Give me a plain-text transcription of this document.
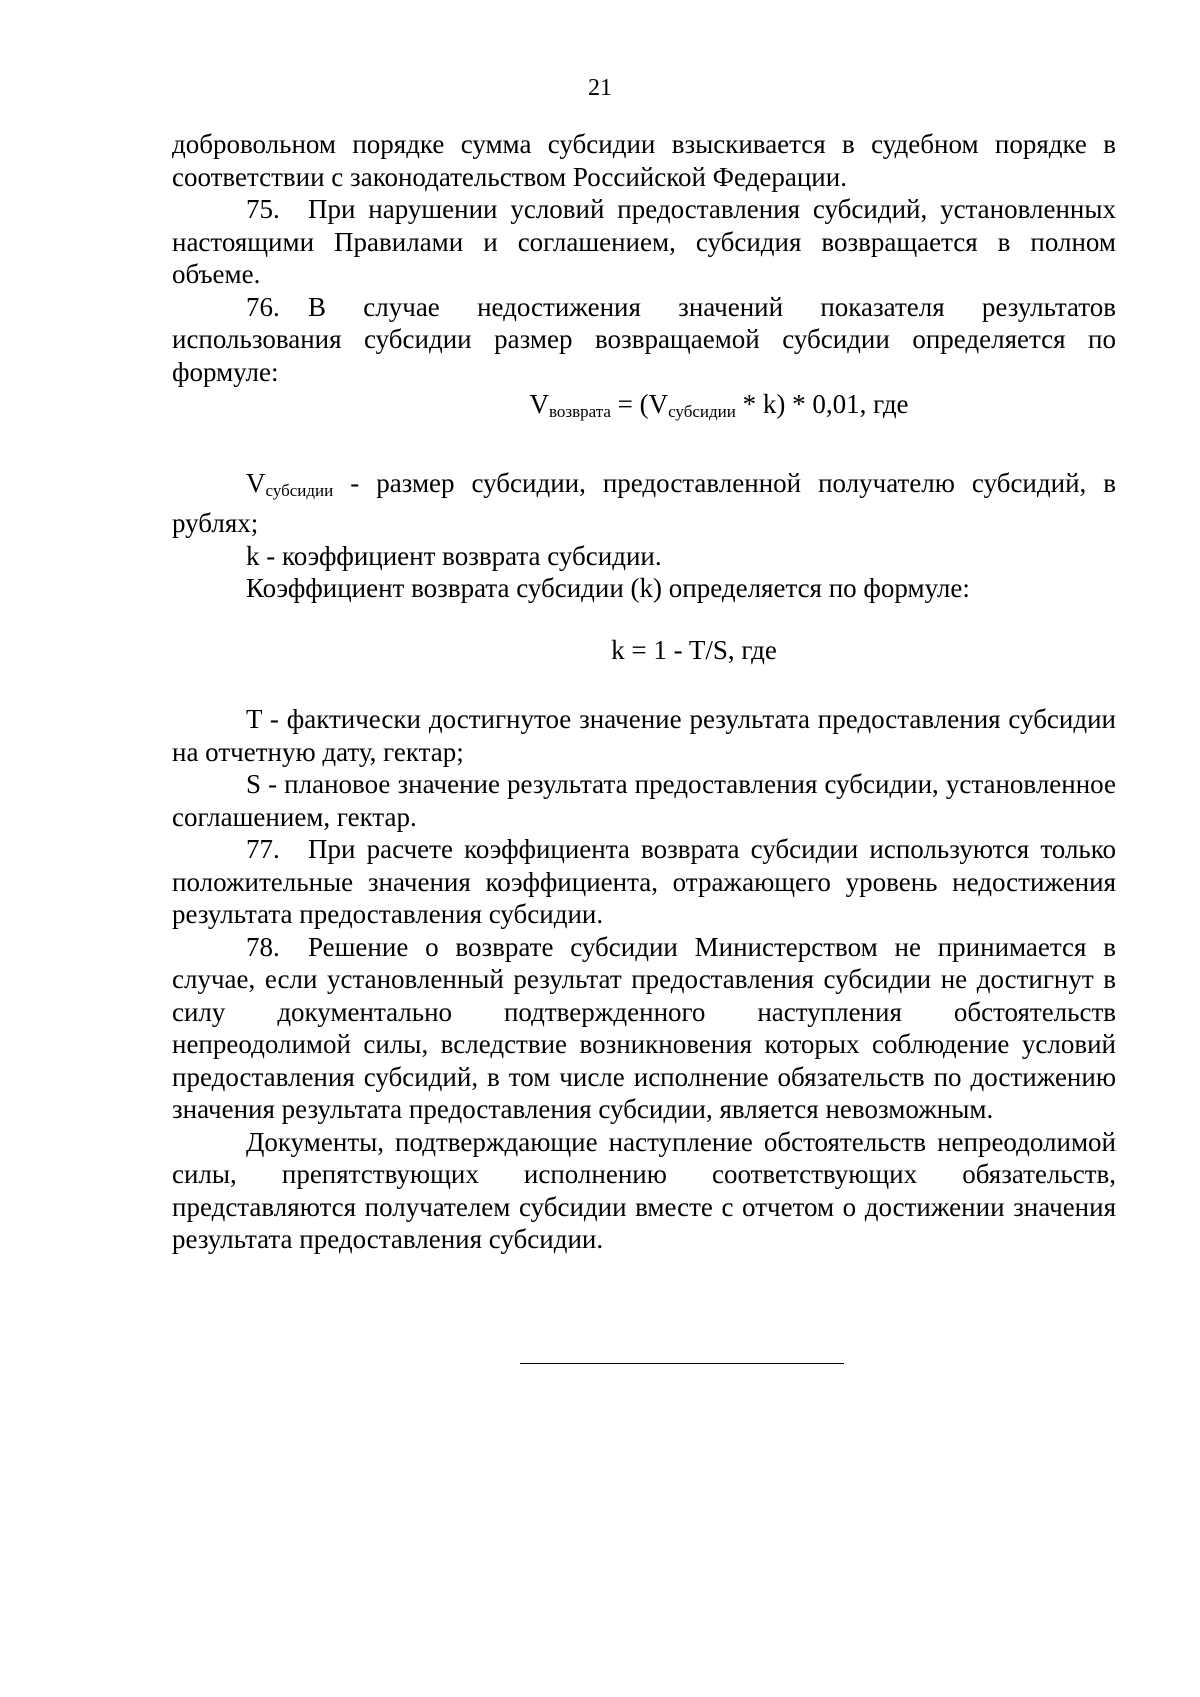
21

добровольном порядке сумма субсидии взыскивается в судебном порядке в соответствии с законодательством Российской Федерации.

75. При нарушении условий предоставления субсидий, установленных настоящими Правилами и соглашением, субсидия возвращается в полном объеме.

76. В случае недостижения значений показателя результатов использования субсидии размер возвращаемой субсидии определяется по формуле:

$V_{возврата} = (V_{субсидии} * k) * 0,01$, где

$V_{субсидии}$ - размер субсидии, предоставленной получателю субсидий, в рублях;

k - коэффициент возврата субсидии.

Коэффициент возврата субсидии (k) определяется по формуле:

k = 1 - T/S, где

T - фактически достигнутое значение результата предоставления субсидии на отчетную дату, гектар;

S - плановое значение результата предоставления субсидии, установленное соглашением, гектар.

77. При расчете коэффициента возврата субсидии используются только положительные значения коэффициента, отражающего уровень недостижения результата предоставления субсидии.

78. Решение о возврате субсидии Министерством не принимается в случае, если установленный результат предоставления субсидии не достигнут в силу документально подтвержденного наступления обстоятельств непреодолимой силы, вследствие возникновения которых соблюдение условий предоставления субсидий, в том числе исполнение обязательств по достижению значения результата предоставления субсидии, является невозможным.

Документы, подтверждающие наступление обстоятельств непреодолимой силы, препятствующих исполнению соответствующих обязательств, представляются получателем субсидии вместе с отчетом о достижении значения результата предоставления субсидии.
